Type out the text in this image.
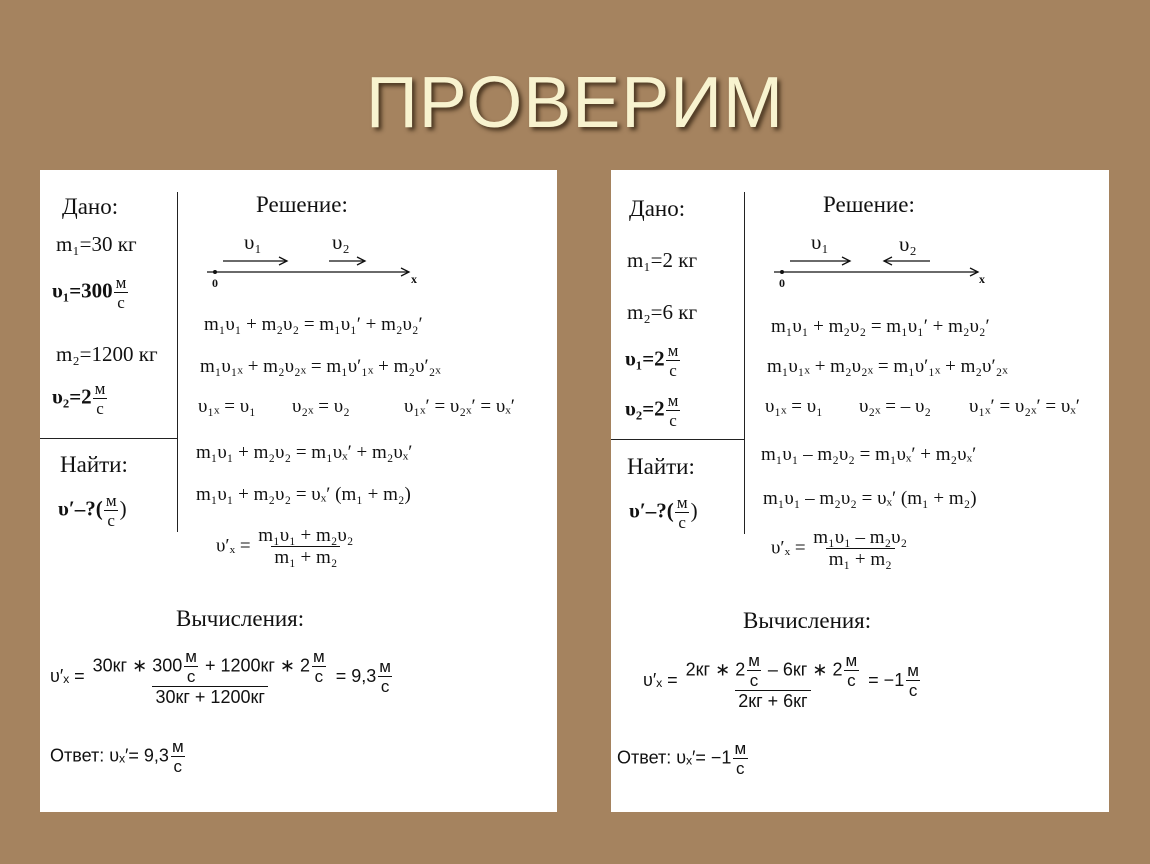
ПРОВЕРИМ
Дано:
m₁=30 кг
$\upsilon_1=300 \frac{м}{с}$
m₂=1200 кг
$\upsilon_2=2 \frac{м}{с}$
Найти:
υ′–?( $\frac{м}{с}$ )
Решение:
υ₁	υ₂
0	x
m₁υ₁ + m₂υ₂ = m₁υ₁′ + m₂υ₂′
m₁υ₁ₓ + m₂υ₂ₓ = m₁υ′₁ₓ + m₂υ′₂ₓ
υ₁ₓ = υ₁ υ₂ₓ = υ₂	υ₁ₓ′ = υ₂ₓ′ = υₓ′
m₁υ₁ + m₂υ₂ = m₁υₓ′ + m₂υₓ′
m₁υ₁ + m₂υ₂ = υₓ′ (m₁ + m₂)
$\upsilon'_x = \frac{\text{m₁υ₁ + m₂υ₂}}{\text{m₁ + m₂}}$
Вычисления:
$\upsilon'_x = \frac{30кг ∗ 300 \frac{м}{с} + 1200кг ∗ 2 \frac{м}{с}}{30кг + 1200кг} = 9,3 \frac{м}{с}$
Ответ: $\upsilon_x'= 9,3 \frac{м}{с}$
Дано:
m₁=2 кг
m₂=6 кг
$\upsilon_1=2 \frac{м}{с}$
$\upsilon_2=2 \frac{м}{с}$
Найти:
υ′–?( $\frac{м}{с}$ )
Решение:
υ₁	υ₂
0	x
m₁υ₁ + m₂υ₂ = m₁υ₁′ + m₂υ₂′
m₁υ₁ₓ + m₂υ₂ₓ = m₁υ′₁ₓ + m₂υ′₂ₓ
υ₁ₓ = υ₁ υ₂ₓ = – υ₂ υ₁ₓ′ = υ₂ₓ′ = υₓ′
m₁υ₁ – m₂υ₂ = m₁υₓ′ + m₂υₓ′
m₁υ₁ – m₂υ₂ = υₓ′ (m₁ + m₂)
$\upsilon'_x = \frac{\text{m₁υ₁ – m₂υ₂}}{\text{m₁ + m₂}}$
Вычисления:
$\upsilon'_x = \frac{2кг ∗ 2 \frac{м}{с} - 6кг ∗ 2 \frac{м}{с}}{2кг + 6кг} = -1 \frac{м}{с}$
Ответ: $\upsilon_x'= -1 \frac{м}{с}$
